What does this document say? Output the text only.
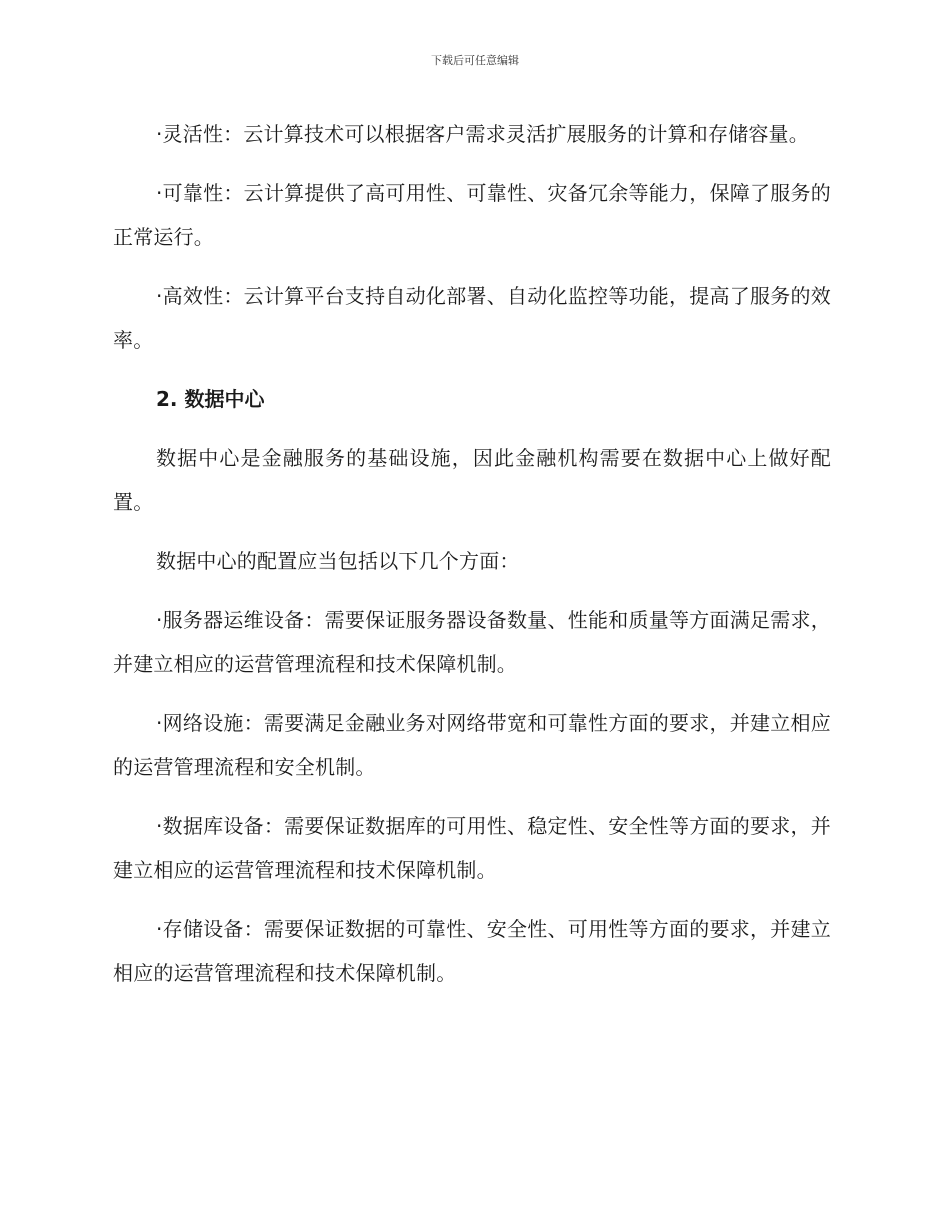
下载后可任意编辑

·灵活性：云计算技术可以根据客户需求灵活扩展服务的计算和存储容量。

·可靠性：云计算提供了高可用性、可靠性、灾备冗余等能力，保障了服务的正常运行。

·高效性：云计算平台支持自动化部署、自动化监控等功能，提高了服务的效率。

2. 数据中心

数据中心是金融服务的基础设施，因此金融机构需要在数据中心上做好配置。

数据中心的配置应当包括以下几个方面：

·服务器运维设备：需要保证服务器设备数量、性能和质量等方面满足需求，并建立相应的运营管理流程和技术保障机制。

·网络设施：需要满足金融业务对网络带宽和可靠性方面的要求，并建立相应的运营管理流程和安全机制。

·数据库设备：需要保证数据库的可用性、稳定性、安全性等方面的要求，并建立相应的运营管理流程和技术保障机制。

·存储设备：需要保证数据的可靠性、安全性、可用性等方面的要求，并建立相应的运营管理流程和技术保障机制。
